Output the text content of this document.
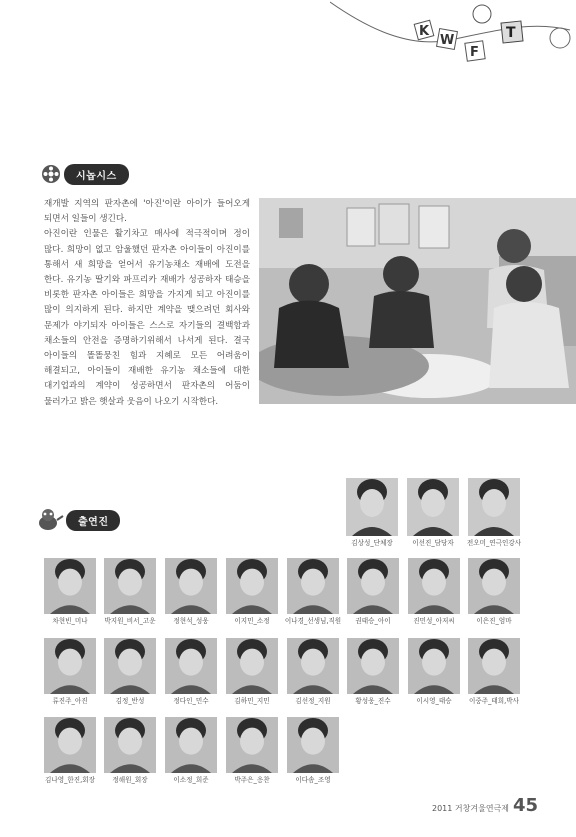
K
W
F
T
시놉시스

재개발 지역의 판자촌에 '아진'이란 아이가 들어오게 되면서 일들이 생긴다.

아진이란 인물은 활기차고 매사에 적극적이며 정이 많다. 희망이 없고 암울했던 판자촌 아이들이 아진이를 통해서 새 희망을 얻어서 유기농채소 재배에 도전을 한다. 유기농 딸기와 파프리카 재배가 성공하자 태승을 비롯한 판자촌 아이들은 희망을 가지게 되고 아진이를 많이 의지하게 된다. 하지만 계약을 맺으려던 회사와 문제가 야기되자 아이들은 스스로 자기들의 결백함과 채소들의 안전을 증명하기위해서 나서게 된다. 결국 아이들의 똘똘뭉친 힘과 지혜로 모든 어려움이 해결되고, 아이들이 재배한 유기농 채소들에 대한 대기업과의 계약이 성공하면서 판자촌의 어둠이 물러가고 밝은 햇살과 웃음이 나오기 시작한다.

출연진
김상성_단체장	이선진_담당자	전오미_연극인강사
차현빈_미나	박지원_비서_고운	정현석_성웅	이지민_소정	이나경_선생님,직원	권태승_아이	진민성_아저씨	이은진_엄마
류진주_아진	김정_반성	정다인_민수	김하민_지민	김선정_지원	황성웅_진수	이시영_태승	이중주_태희,박사
김나영_한진,회장	정해원_회장	이소정_희준	박주은_응찬	이다솜_조영
2011 거창겨울연극제 45
